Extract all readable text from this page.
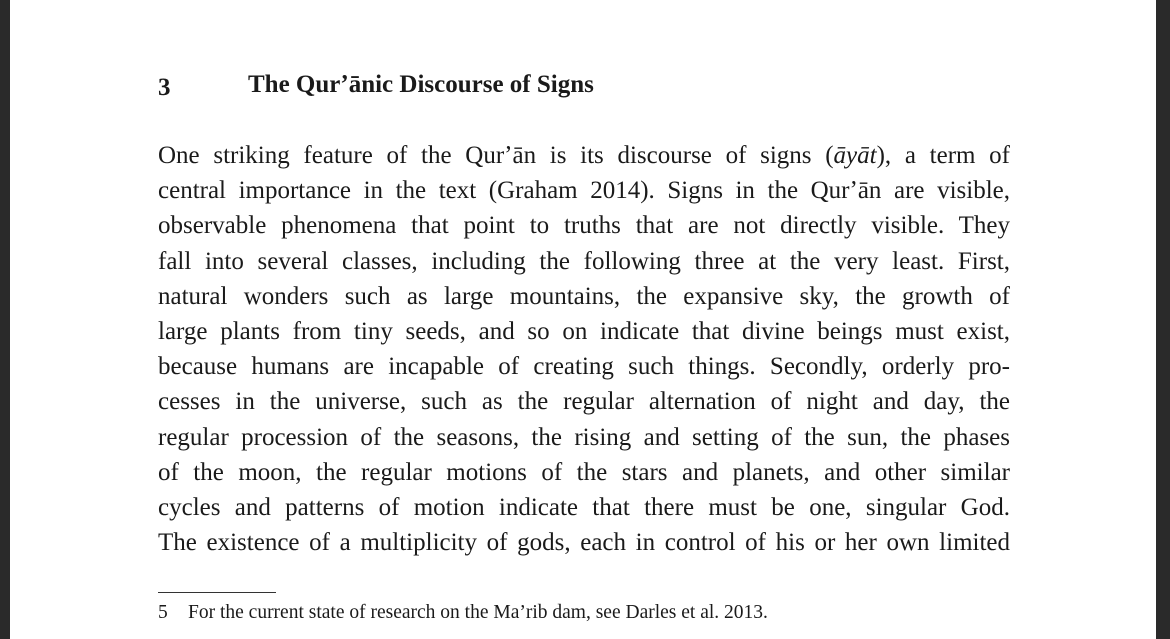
3	The Qurʼānic Discourse of Signs
One striking feature of the Qurʼān is its discourse of signs (āyāt), a term of
central importance in the text (Graham 2014). Signs in the Qurʼān are visible,
observable phenomena that point to truths that are not directly visible. They
fall into several classes, including the following three at the very least. First,
natural wonders such as large mountains, the expansive sky, the growth of
large plants from tiny seeds, and so on indicate that divine beings must exist,
because humans are incapable of creating such things. Secondly, orderly pro-
cesses in the universe, such as the regular alternation of night and day, the
regular procession of the seasons, the rising and setting of the sun, the phases
of the moon, the regular motions of the stars and planets, and other similar
cycles and patterns of motion indicate that there must be one, singular God.
The existence of a multiplicity of gods, each in control of his or her own limited
5 For the current state of research on the Ma’rib dam, see Darles et al. 2013.
